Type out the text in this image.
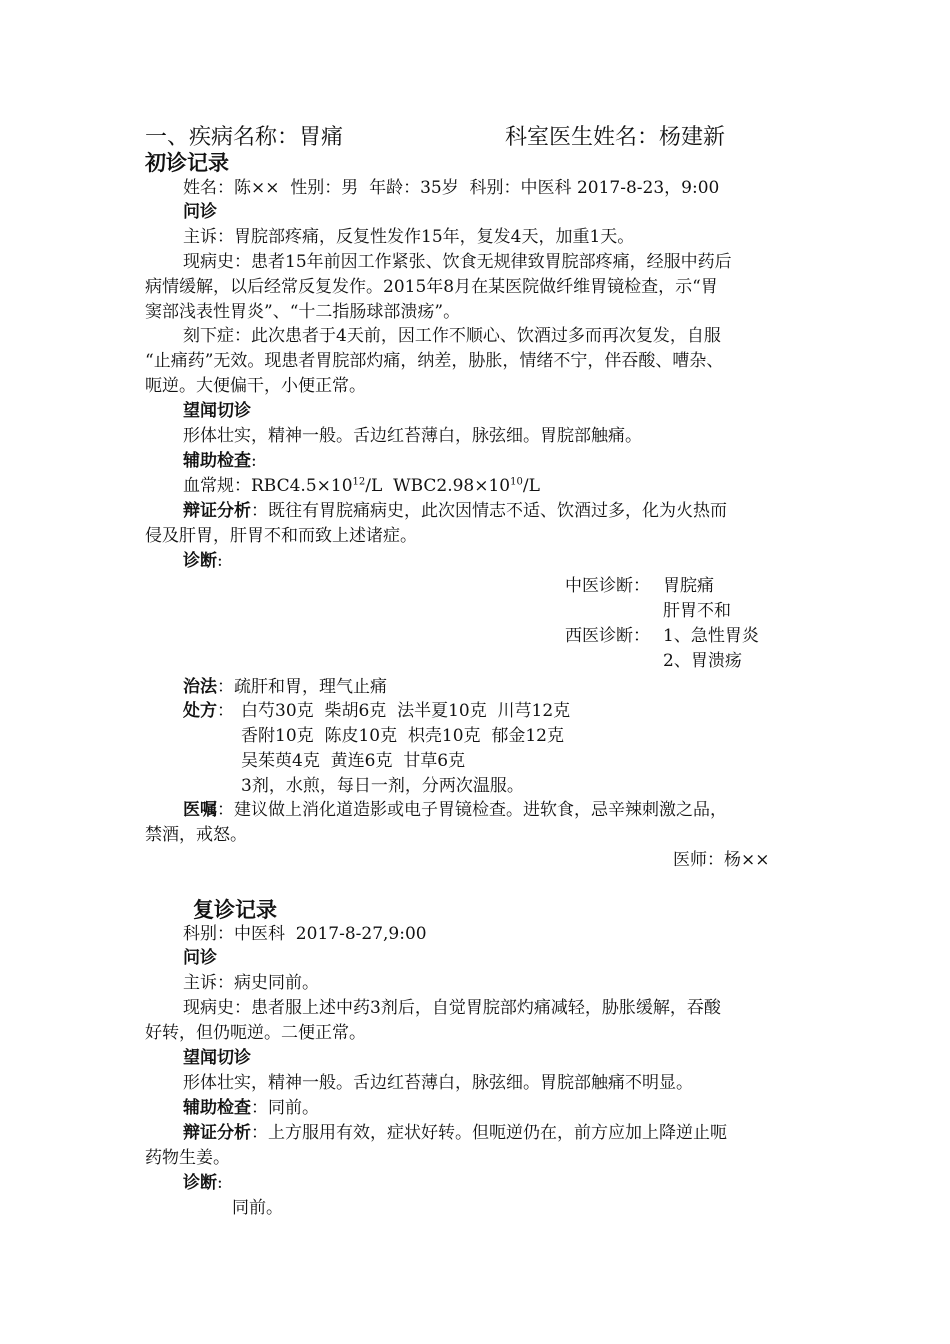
一、疾病名称：胃痛	科室医生姓名：杨建新
初诊记录
姓名：陈××  性别：男  年龄：35岁  科别：中医科 2017-8-23，9:00
问诊
主诉：胃脘部疼痛，反复性发作15年，复发4天，加重1天。
现病史：患者15年前因工作紧张、饮食无规律致胃脘部疼痛，经服中药后
病情缓解，以后经常反复发作。2015年8月在某医院做纤维胃镜检查，示“胃
窦部浅表性胃炎”、“十二指肠球部溃疡”。
刻下症：此次患者于4天前，因工作不顺心、饮酒过多而再次复发，自服
“止痛药”无效。现患者胃脘部灼痛，纳差，胁胀，情绪不宁，伴吞酸、嘈杂、
呃逆。大便偏干，小便正常。
望闻切诊
形体壮实，精神一般。舌边红苔薄白，脉弦细。胃脘部触痛。
辅助检查:
血常规：$RBC4.5\times 10^{12}/L$  $WBC2.98\times 10^{10}/L$
辩证分析：既往有胃脘痛病史，此次因情志不适、饮酒过多，化为火热而
侵及肝胃，肝胃不和而致上述诸症。
诊断:
中医诊断： 胃脘痛
肝胃不和
西医诊断： 1、急性胃炎
2、胃溃疡
治法：疏肝和胃，理气止痛
处方： 白芍30克  柴胡6克  法半夏10克  川芎12克
香附10克  陈皮10克  枳壳10克  郁金12克
吴茱萸4克  黄连6克  甘草6克
3剂，水煎，每日一剂，分两次温服。
医嘱：建议做上消化道造影或电子胃镜检查。进软食，忌辛辣刺激之品，
禁酒，戒怒。
医师：杨××
复诊记录
科别：中医科  2017-8-27,9:00
问诊
主诉：病史同前。
现病史：患者服上述中药3剂后，自觉胃脘部灼痛减轻，胁胀缓解，吞酸
好转，但仍呃逆。二便正常。
望闻切诊
形体壮实，精神一般。舌边红苔薄白，脉弦细。胃脘部触痛不明显。
辅助检查：同前。
辩证分析：上方服用有效，症状好转。但呃逆仍在，前方应加上降逆止呃
药物生姜。
诊断:
同前。
